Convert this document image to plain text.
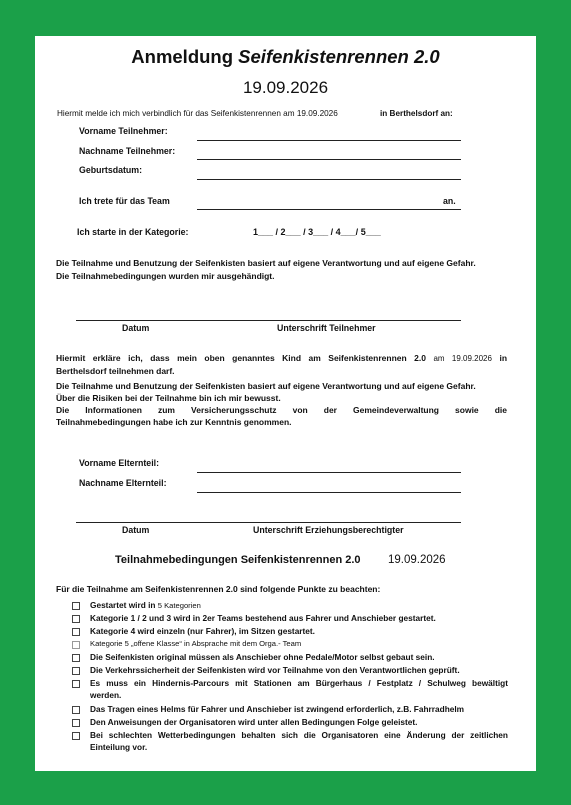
Anmeldung Seifenkistenrennen 2.0
19.09.2026
Hiermit melde ich mich verbindlich für das Seifenkistenrennen am 19.09.2026	in Berthelsdorf an:
Vorname Teilnehmer:
Nachname Teilnehmer:
Geburtsdatum:
Ich trete für das Team	an.
Ich starte in der Kategorie:	1___ / 2___ / 3___ / 4___/ 5___
Die Teilnahme und Benutzung der Seifenkisten basiert auf eigene Verantwortung und auf eigene Gefahr.
Die Teilnahmebedingungen wurden mir ausgehändigt.
Datum	Unterschrift Teilnehmer
Hiermit erkläre ich, dass mein oben genanntes Kind am Seifenkistenrennen 2.0 am 19.09.2026 in
Berthelsdorf teilnehmen darf.
Die Teilnahme und Benutzung der Seifenkisten basiert auf eigene Verantwortung und auf eigene Gefahr.
Über die Risiken bei der Teilnahme bin ich mir bewusst.
Die Informationen zum Versicherungsschutz von der Gemeindeverwaltung sowie die
Teilnahmebedingungen habe ich zur Kenntnis genommen.
Vorname Elternteil:
Nachname Elternteil:
Datum	Unterschrift Erziehungsberechtigter
Teilnahmebedingungen Seifenkistenrennen 2.0 19.09.2026
Für die Teilnahme am Seifenkistenrennen 2.0 sind folgende Punkte zu beachten:
Gestartet wird in 5 Kategorien
Kategorie 1 / 2 und 3 wird in 2er Teams bestehend aus Fahrer und Anschieber gestartet.
Kategorie 4 wird einzeln (nur Fahrer), im Sitzen gestartet.
Kategorie 5 „offene Klasse“ in Absprache mit dem Orga.- Team
Die Seifenkisten original müssen als Anschieber ohne Pedale/Motor selbst gebaut sein.
Die Verkehrssicherheit der Seifenkisten wird vor Teilnahme von den Verantwortlichen geprüft.
Es muss ein Hindernis-Parcours mit Stationen am Bürgerhaus / Festplatz / Schulweg bewältigt
werden.
Das Tragen eines Helms für Fahrer und Anschieber ist zwingend erforderlich, z.B. Fahrradhelm
Den Anweisungen der Organisatoren wird unter allen Bedingungen Folge geleistet.
Bei schlechten Wetterbedingungen behalten sich die Organisatoren eine Änderung der zeitlichen
Einteilung vor.
